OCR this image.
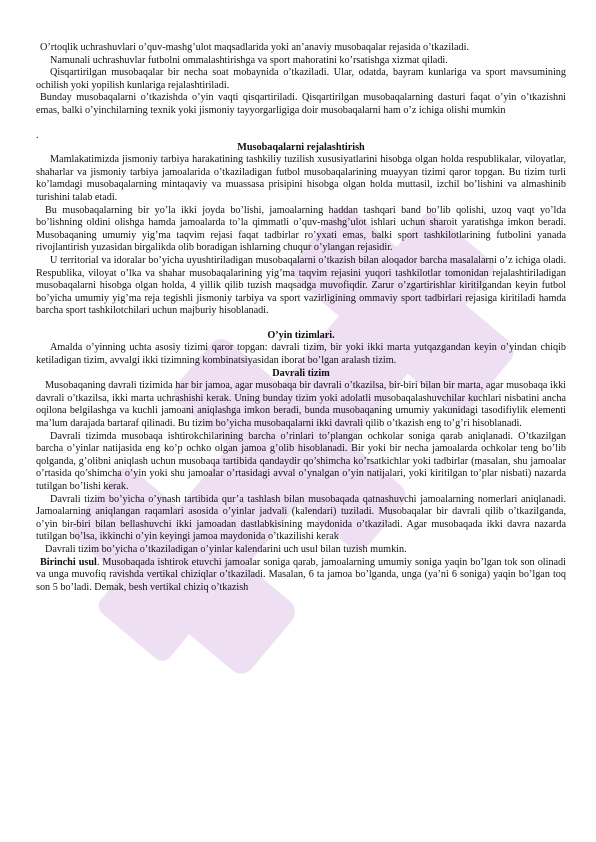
O’rtoqlik uchrashuvlari o’quv-mashg’ulot maqsadlarida yoki an’anaviy musobaqalar rejasida o’tkaziladi.

Namunali uchrashuvlar futbolni ommalashtirishga va sport mahoratini ko’rsatishga xizmat qiladi.

Qisqartirilgan musobaqalar bir necha soat mobaynida o’tkaziladi. Ular, odatda, bayram kunlariga va sport mavsumining ochilish yoki yopilish kunlariga rejalashtiriladi.

Bunday musobaqalarni o’tkazishda o’yin vaqti qisqartiriladi. Qisqartirilgan musobaqalarning dasturi faqat o’yin o’tkazishni emas, balki o’yinchilarning texnik yoki jismoniy tayyorgarligiga doir musobaqalarni ham o’z ichiga olishi mumkin

.

Musobaqalarni rejalashtirish

Mamlakatimizda jismoniy tarbiya harakatining tashkiliy tuzilish xususiyatlarini hisobga olgan holda respublikalar, viloyatlar, shaharlar va jismoniy tarbiya jamoalarida o’tkaziladigan futbol musobaqalarining muayyan tizimi qaror topgan. Bu tizim turli ko’lamdagi musobaqalarning mintaqaviy va muassasa prisipini hisobga olgan holda muttasil, izchil bo’lishini va almashinib turishini talab etadi.

Bu musobaqalarning bir yo’la ikki joyda bo’lishi, jamoalarning haddan tashqari band bo’lib qolishi, uzoq vaqt yo’lda bo’lishning oldini olishga hamda jamoalarda to’la qimmatli o’quv-mashg’ulot ishlari uchun sharoit yaratishga imkon beradi. Musobaqaning umumiy yig’ma taqvim rejasi faqat tadbirlar ro’yxati emas, balki sport tashkilotlarining futbolini yanada rivojlantirish yuzasidan birgalikda olib boradigan ishlarning chuqur o’ylangan rejasidir.

U territorial va idoralar bo’yicha uyushtiriladigan musobaqalarni o’tkazish bilan aloqador barcha masalalarni o’z ichiga oladi. Respublika, viloyat o’lka va shahar musobaqalarining yig’ma taqvim rejasini yuqori tashkilotlar tomonidan rejalashtiriladigan musobaqalarni hisobga olgan holda, 4 yillik qilib tuzish maqsadga muvofiqdir. Zarur o’zgartirishlar kiritilgandan keyin futbol bo’yicha umumiy yig’ma reja tegishli jismoniy tarbiya va sport vazirligining ommaviy sport tadbirlari rejasiga kiritiladi hamda barcha sport tashkilotchilari uchun majburiy hisoblanadi.

O’yin tizimlari.

Amalda o’yinning uchta asosiy tizimi qaror topgan: davrali tizim, bir yoki ikki marta yutqazgandan keyin o’yindan chiqib ketiladigan tizim, avvalgi ikki tizimning kombinatsiyasidan iborat bo’lgan aralash tizim.

Davrali tizim

Musobaqaning davrali tizimida har bir jamoa, agar musobaqa bir davrali o’tkazilsa, bir-biri bilan bir marta, agar musobaqa ikki davrali o’tkazilsa, ikki marta uchrashishi kerak. Uning bunday tizim yoki adolatli musobaqalashuvchilar kuchlari nisbatini ancha oqilona belgilashga va kuchli jamoani aniqlashga imkon beradi, bunda musobaqaning umumiy yakunidagi tasodifiylik elementi ma’lum darajada bartaraf qilinadi. Bu tizim bo’yicha musobaqalarni ikki davrali qilib o’tkazish eng to’g’ri hisoblanadi.

Davrali tizimda musobaqa ishtirokchilarining barcha o’rinlari to’plangan ochkolar soniga qarab aniqlanadi. O’tkazilgan barcha o’yinlar natijasida eng ko’p ochko olgan jamoa g’olib hisoblanadi. Bir yoki bir necha jamoalarda ochkolar teng bo’lib qolganda, g’olibni aniqlash uchun musobaqa tartibida qandaydir qo’shimcha ko’rsatkichlar yoki tadbirlar (masalan, shu jamoalar o’rtasida qo’shimcha o’yin yoki shu jamoalar o’rtasidagi avval o’ynalgan o’yin natijalari, yoki kiritilgan to’plar nisbati) nazarda tutilgan bo’lishi kerak.

Davrali tizim bo’yicha o’ynash tartibida qur’a tashlash bilan musobaqada qatnashuvchi jamoalarning nomerlari aniqlanadi. Jamoalarning aniqlangan raqamlari asosida o’yinlar jadvali (kalendari) tuziladi. Musobaqalar bir davrali qilib o’tkazilganda, o’yin bir-biri bilan bellashuvchi ikki jamoadan dastlabkisining maydonida o’tkaziladi. Agar musobaqada ikki davra nazarda tutilgan bo’lsa, ikkinchi o’yin keyingi jamoa maydonida o’tkazilishi kerak

Davrali tizim bo’yicha o’tkaziladigan o’yinlar kalendarini uch usul bilan tuzish mumkin.

Birinchi usul. Musobaqada ishtirok etuvchi jamoalar soniga qarab, jamoalarning umumiy soniga yaqin bo’lgan tok son olinadi va unga muvofiq ravishda vertikal chiziqlar o’tkaziladi. Masalan, 6 ta jamoa bo’lganda, unga (ya’ni 6 soniga) yaqin bo’lgan toq son 5 bo’ladi. Demak, besh vertikal chiziq o’tkazish
